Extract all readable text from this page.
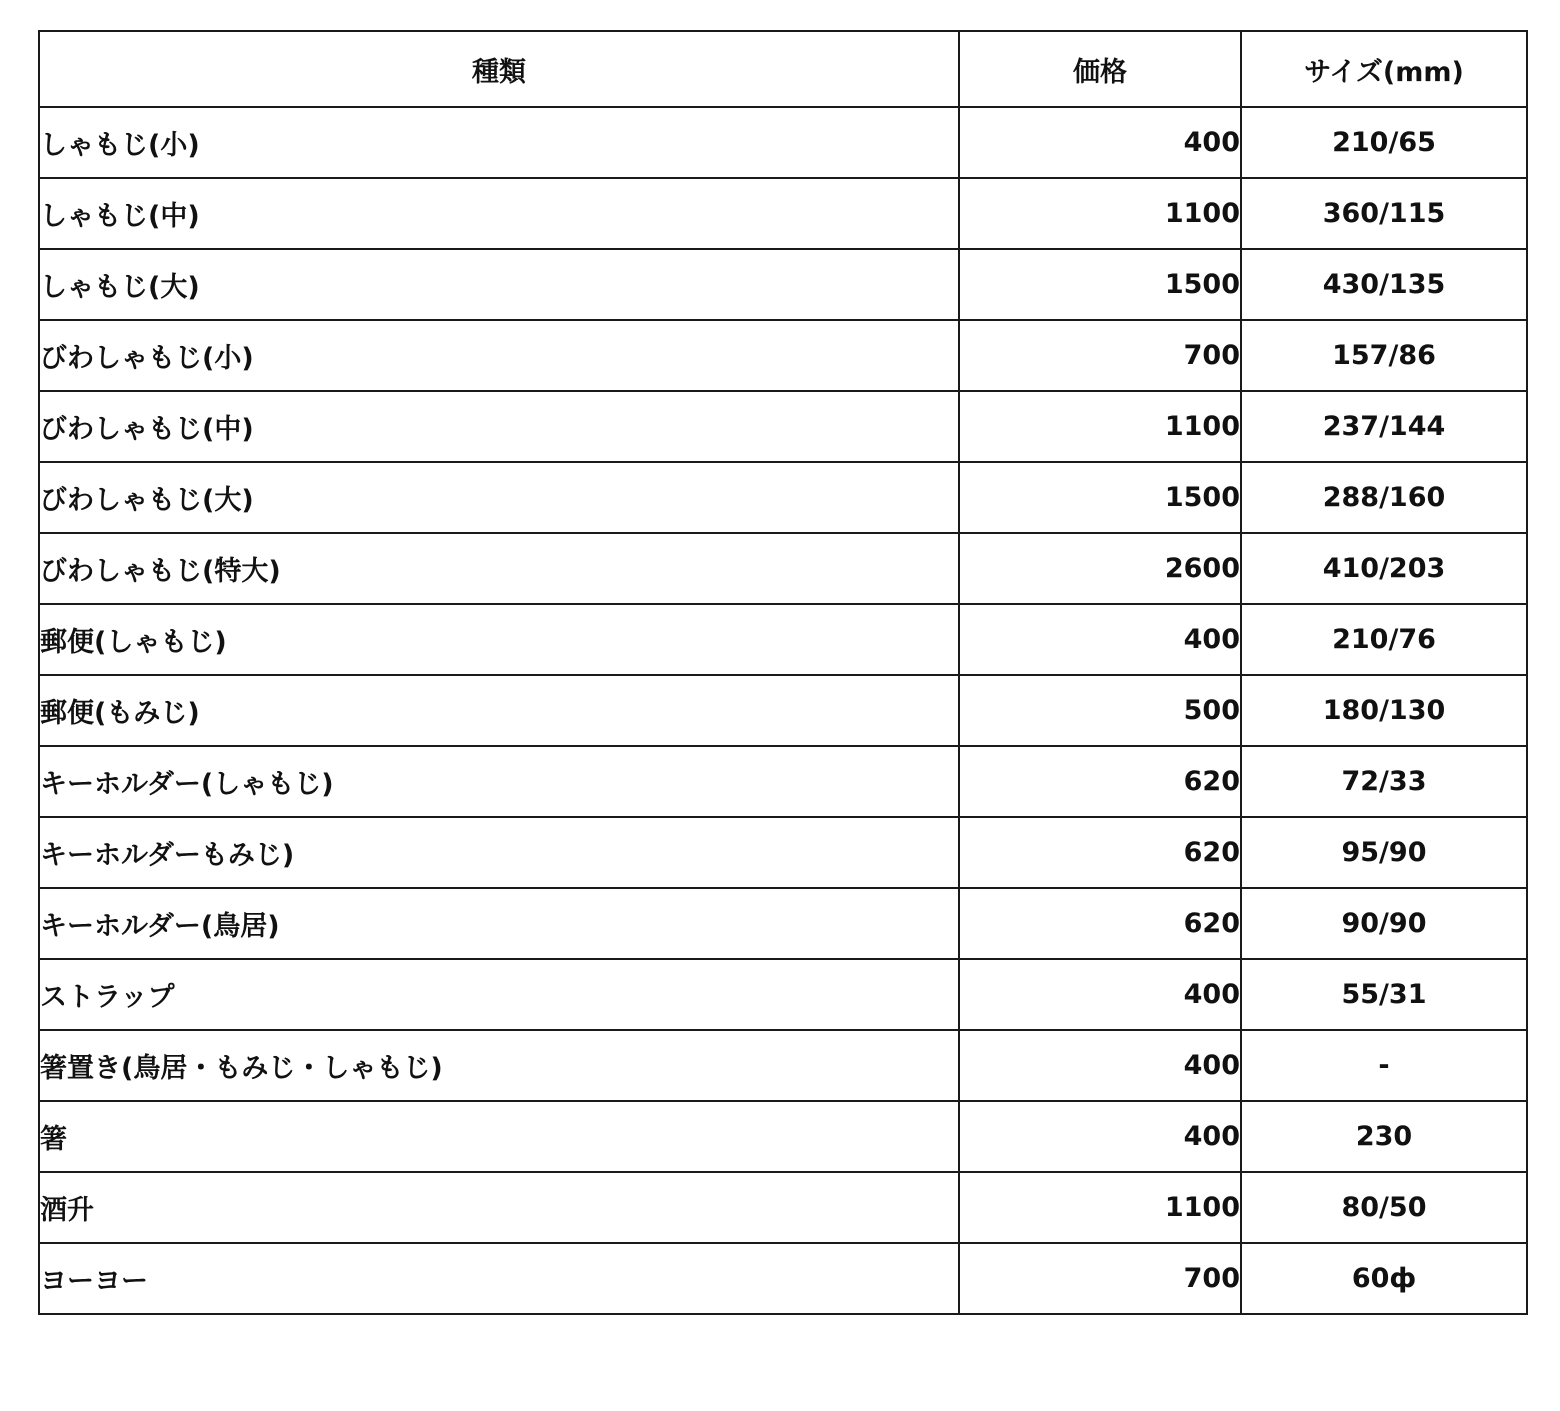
種類	価格	サイズ(mm)
しゃもじ(小)	400	210/65
しゃもじ(中)	1100	360/115
しゃもじ(大)	1500	430/135
びわしゃもじ(小)	700	157/86
びわしゃもじ(中)	1100	237/144
びわしゃもじ(大)	1500	288/160
びわしゃもじ(特大)	2600	410/203
郵便(しゃもじ)	400	210/76
郵便(もみじ)	500	180/130
キーホルダー(しゃもじ)	620	72/33
キーホルダーもみじ)	620	95/90
キーホルダー(鳥居)	620	90/90
ストラップ	400	55/31
箸置き(鳥居・もみじ・しゃもじ)	400	-
箸	400	230
酒升	1100	80/50
ヨーヨー	700	60ф
